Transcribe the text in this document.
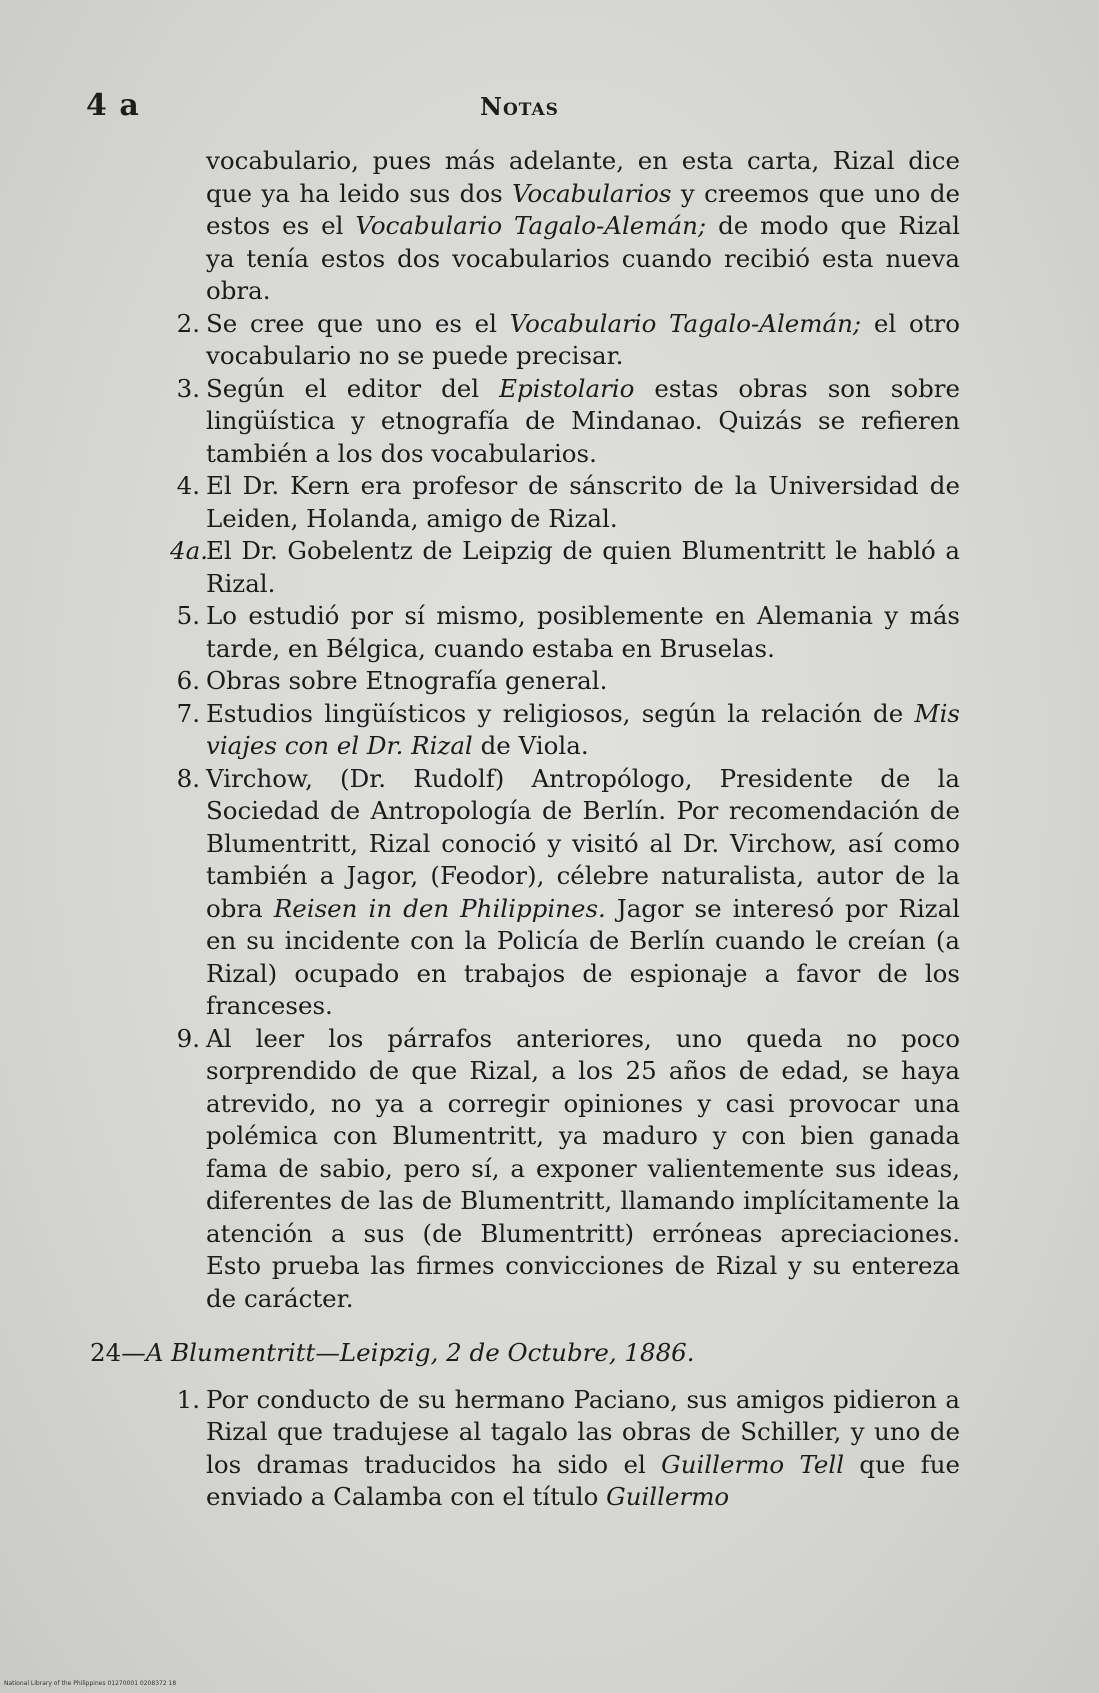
4 a	Notas

vocabulario, pues más adelante, en esta carta, Rizal dice que ya ha leido sus dos Vocabularios y creemos que uno de estos es el Vocabulario Tagalo-Alemán; de modo que Rizal ya tenía estos dos vocabularios cuando recibió esta nueva obra.

2. Se cree que uno es el Vocabulario Tagalo-Alemán; el otro vocabulario no se puede precisar.

3. Según el editor del Epistolario estas obras son sobre lingüística y etnografía de Mindanao. Quizás se refieren también a los dos vocabularios.

4. El Dr. Kern era profesor de sánscrito de la Universidad de Leiden, Holanda, amigo de Rizal.

4a.
El Dr. Gobelentz de Leipzig de quien Blumentritt le habló a Rizal.

5. Lo estudió por sí mismo, posiblemente en Alemania y más tarde, en Bélgica, cuando estaba en Bruselas.

6. Obras sobre Etnografía general.

7. Estudios lingüísticos y religiosos, según la relación de Mis viajes con el Dr. Rizal de Viola.

8. Virchow, (Dr. Rudolf) Antropólogo, Presidente de la Sociedad de Antropología de Berlín. Por recomendación de Blumentritt, Rizal conoció y visitó al Dr. Virchow, así como también a Jagor, (Feodor), célebre naturalista, autor de la obra Reisen in den Philippines. Jagor se interesó por Rizal en su incidente con la Policía de Berlín cuando le creían (a Rizal) ocupado en trabajos de espionaje a favor de los franceses.

9. Al leer los párrafos anteriores, uno queda no poco sorprendido de que Rizal, a los 25 años de edad, se haya atrevido, no ya a corregir opiniones y casi provocar una polémica con Blumentritt, ya maduro y con bien ganada fama de sabio, pero sí, a exponer valientemente sus ideas, diferentes de las de Blumentritt, llamando implícitamente la atención a sus (de Blumentritt) erróneas apreciaciones. Esto prueba las firmes convicciones de Rizal y su entereza de carácter.

24—A Blumentritt—Leipzig, 2 de Octubre, 1886.

1. Por conducto de su hermano Paciano, sus amigos pidieron a Rizal que tradujese al tagalo las obras de Schiller, y uno de los dramas traducidos ha sido el Guillermo Tell que fue enviado a Calamba con el título Guillermo

National Library of the Philippines 01270001 0208372 18
